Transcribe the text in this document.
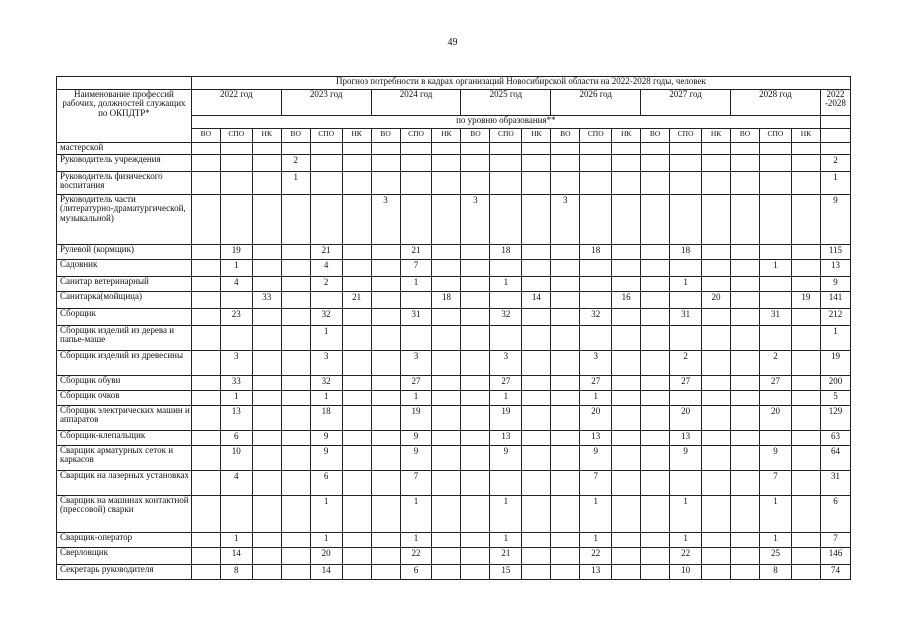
49
	Прогноз потребности в кадрах организаций Новосибирской области на 2022-2028 годы, человек																					
Наименование профессий рабочих, должностей служащих по ОКПДТР*	2022 год			2023 год			2024 год			2025 год			2026 год			2027 год			2028 год			2022 -2028
	по уровню образования**																					
	ВО	СПО	НК	ВО	СПО	НК	ВО	СПО	НК	ВО	СПО	НК	ВО	СПО	НК	ВО	СПО	НК	ВО	СПО	НК	
мастерской																						
Руководитель учреждения				2																		2
Руководитель физического воспитания				1																		1
Руководитель части (литературно-драматургической, музыкальной)							3			3			3									9
Рулевой (кормщик)		19			21			21			18			18			18					115
Садовник		1			4			7												1		13
Санитар ветеринарный		4			2			1			1						1					9
Санитарка(мойщица)			33			21			18			14			16			20			19	141
Сборщик		23			32			31			32			32			31			31		212
Сборщик изделий из дерева и папье-маше					1																	1
Сборщик изделий из древесины		3			3			3			3			3			2			2		19
Сборщик обуви		33			32			27			27			27			27			27		200
Сборщик очков		1			1			1			1			1								5
Сборщик электрических машин и аппаратов		13			18			19			19			20			20			20		129
Сборщик-клепальщик		6			9			9			13			13			13					63
Сварщик арматурных сеток и каркасов		10			9			9			9			9			9			9		64
Сварщик на лазерных установках		4			6			7						7						7		31
Сварщик на машинах контактной (прессовой) сварки					1			1			1			1			1			1		6
Сварщик-оператор		1			1			1			1			1			1			1		7
Сверловщик		14			20			22			21			22			22			25		146
Секретарь руководителя		8			14			6			15			13			10			8		74
